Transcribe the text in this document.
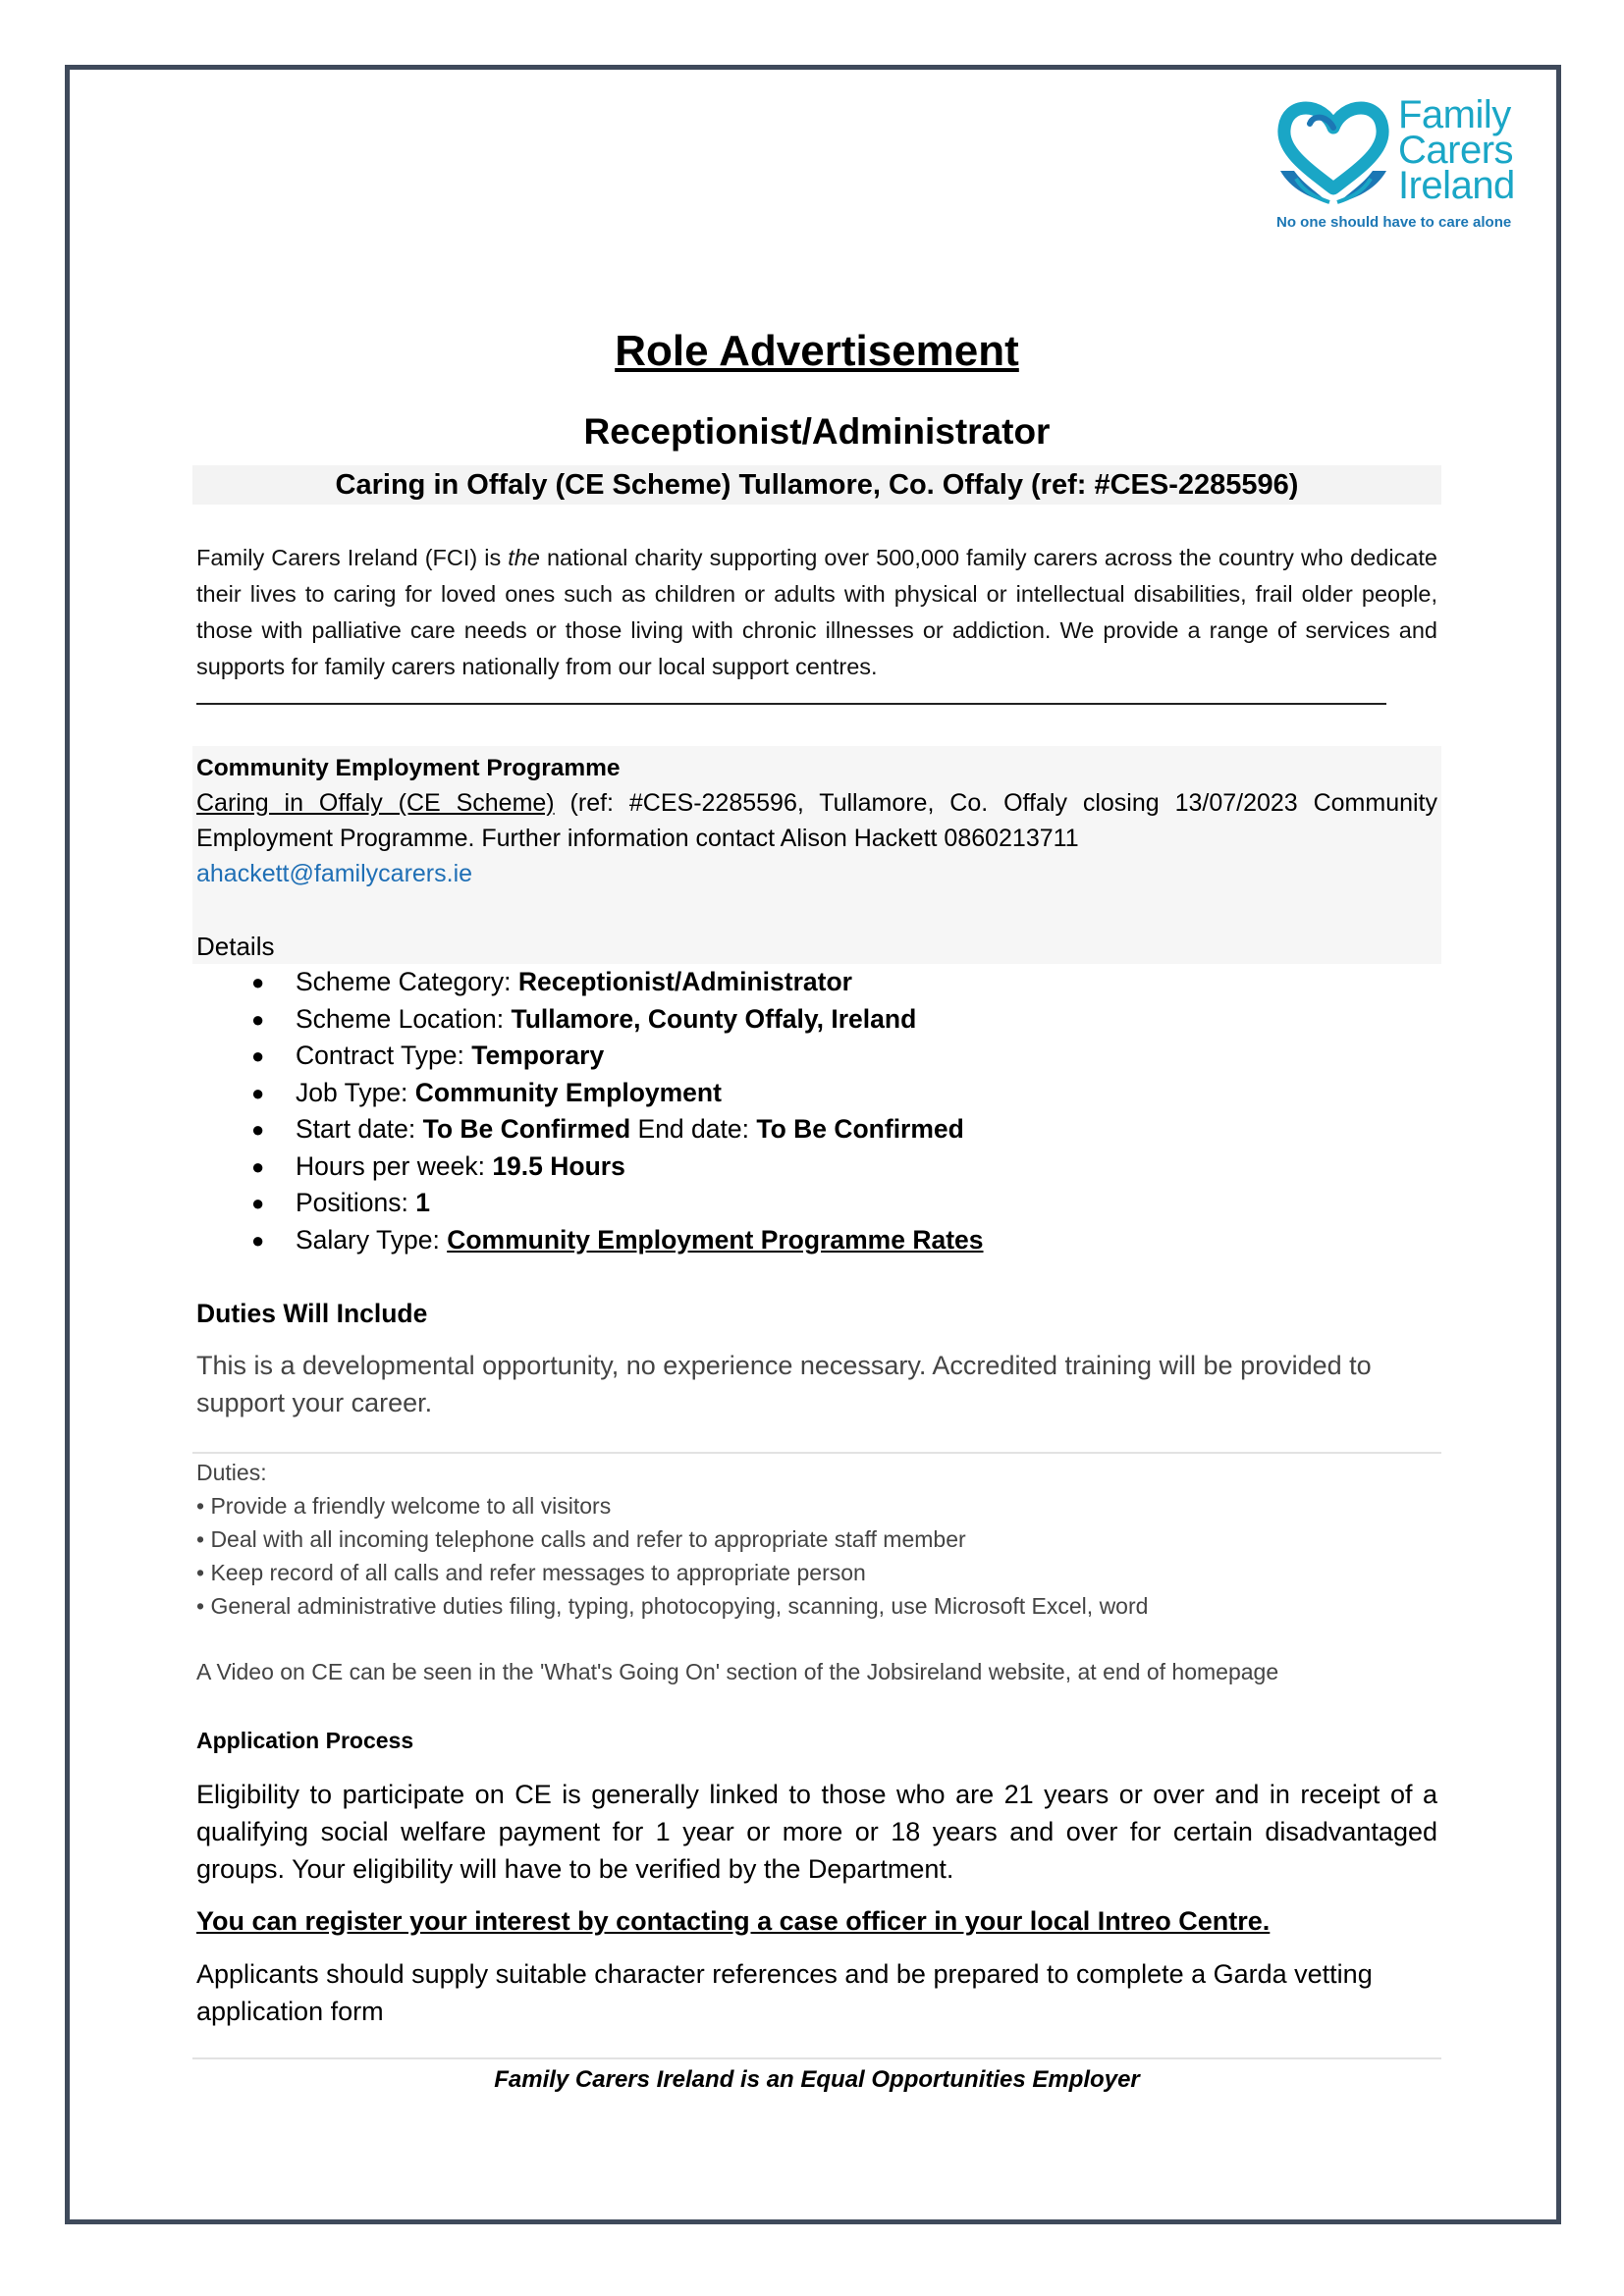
Family
Carers
Ireland
No one should have to care alone
Role Advertisement
Receptionist/Administrator
Caring in Offaly (CE Scheme) Tullamore, Co. Offaly (ref: #CES-2285596)
Family Carers Ireland (FCI) is the national charity supporting over 500,000 family carers across the country who dedicate their lives to caring for loved ones such as children or adults with physical or intellectual disabilities, frail older people, those with palliative care needs or those living with chronic illnesses or addiction. We provide a range of services and supports for family carers nationally from our local support centres.
Community Employment Programme
Caring in Offaly (CE Scheme) (ref: #CES-2285596, Tullamore, Co. Offaly closing 13/07/2023 Community Employment Programme. Further information contact Alison Hackett 0860213711
ahackett@familycarers.ie
Details
● Scheme Category: Receptionist/Administrator
● Scheme Location: Tullamore, County Offaly, Ireland
● Contract Type: Temporary
● Job Type: Community Employment
● Start date: To Be Confirmed End date: To Be Confirmed
● Hours per week: 19.5 Hours
● Positions: 1
● Salary Type: Community Employment Programme Rates
Duties Will Include
This is a developmental opportunity, no experience necessary. Accredited training will be provided to support your career.
Duties:
• Provide a friendly welcome to all visitors
• Deal with all incoming telephone calls and refer to appropriate staff member
• Keep record of all calls and refer messages to appropriate person
• General administrative duties filing, typing, photocopying, scanning, use Microsoft Excel, word
A Video on CE can be seen in the 'What's Going On' section of the Jobsireland website, at end of homepage
Application Process
Eligibility to participate on CE is generally linked to those who are 21 years or over and in receipt of a qualifying social welfare payment for 1 year or more or 18 years and over for certain disadvantaged groups. Your eligibility will have to be verified by the Department.
You can register your interest by contacting a case officer in your local Intreo Centre.
Applicants should supply suitable character references and be prepared to complete a Garda vetting application form
Family Carers Ireland is an Equal Opportunities Employer
